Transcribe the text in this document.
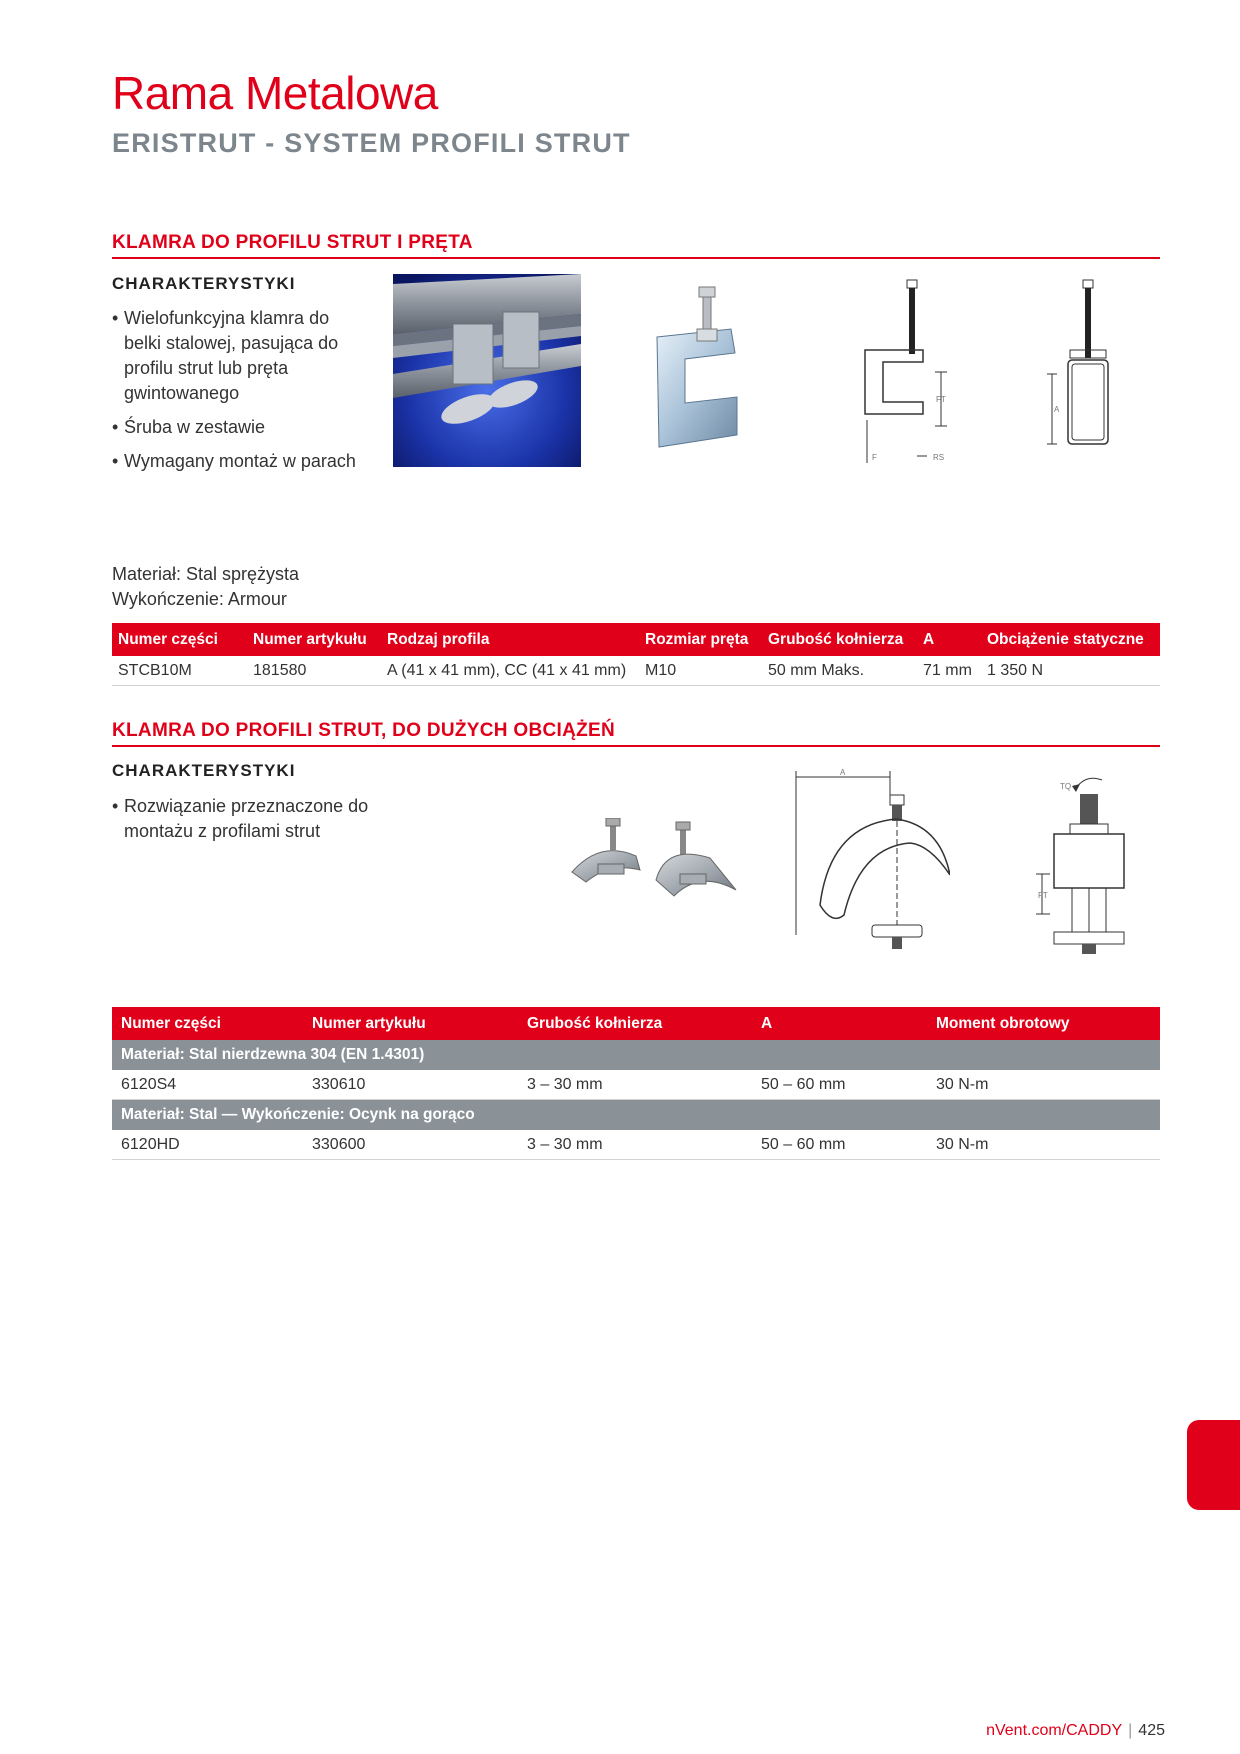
Rama Metalowa
ERISTRUT - SYSTEM PROFILI STRUT
KLAMRA DO PROFILU STRUT I PRĘTA
CHARAKTERYSTYKI
• Wielofunkcyjna klamra do belki stalowej, pasująca do profilu strut lub pręta gwintowanego
• Śruba w zestawie
• Wymagany montaż w parach
FT
F	RS
A
Materiał: Stal sprężysta
Wykończenie: Armour
Numer części	Numer artykułu	Rodzaj profila	Rozmiar pręta	Grubość kołnierza	A	Obciążenie statyczne
STCB10M	181580	A (41 x 41 mm), CC (41 x 41 mm)	M10	50 mm Maks.	71 mm	1 350 N
KLAMRA DO PROFILI STRUT, DO DUŻYCH OBCIĄŻEŃ
CHARAKTERYSTYKI
• Rozwiązanie przeznaczone do montażu z profilami strut
A
TQ
FT
Numer części	Numer artykułu	Grubość kołnierza	A	Moment obrotowy
Materiał: Stal nierdzewna 304 (EN 1.4301)				
6120S4	330610	3 – 30 mm	50 – 60 mm	30 N-m
Materiał: Stal — Wykończenie: Ocynk na gorąco				
6120HD	330600	3 – 30 mm	50 – 60 mm	30 N-m
nVent.com/CADDY | 425
